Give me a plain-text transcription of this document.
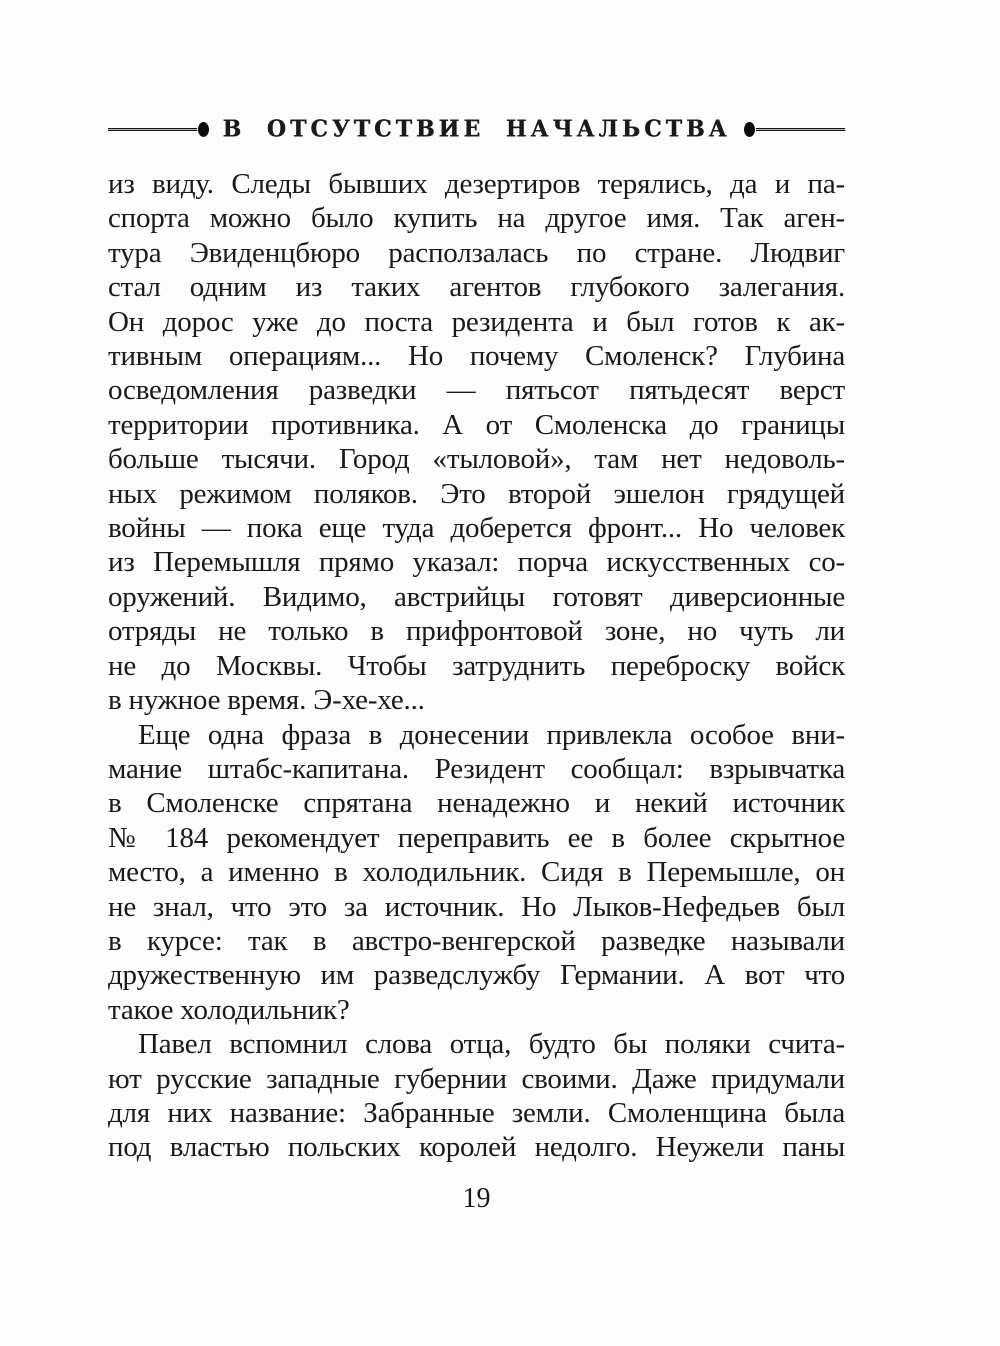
В ОТСУТСТВИЕ НАЧАЛЬСТВА
из виду. Следы бывших дезертиров терялись, да и па-
спорта можно было купить на другое имя. Так аген-
тура Эвиденцбюро расползалась по стране. Людвиг
стал одним из таких агентов глубокого залегания.
Он дорос уже до поста резидента и был готов к ак-
тивным операциям... Но почему Смоленск? Глубина
осведомления разведки — пятьсот пятьдесят верст
территории противника. А от Смоленска до границы
больше тысячи. Город «тыловой», там нет недоволь-
ных режимом поляков. Это второй эшелон грядущей
войны — пока еще туда доберется фронт... Но человек
из Перемышля прямо указал: порча искусственных со-
оружений. Видимо, австрийцы готовят диверсионные
отряды не только в прифронтовой зоне, но чуть ли
не до Москвы. Чтобы затруднить переброску войск
в нужное время. Э-хе-хе...
Еще одна фраза в донесении привлекла особое вни-
мание штабс-капитана. Резидент сообщал: взрывчатка
в Смоленске спрятана ненадежно и некий источник
№ 184 рекомендует переправить ее в более скрытное
место, а именно в холодильник. Сидя в Перемышле, он
не знал, что это за источник. Но Лыков-Нефедьев был
в курсе: так в австро-венгерской разведке называли
дружественную им разведслужбу Германии. А вот что
такое холодильник?
Павел вспомнил слова отца, будто бы поляки счита-
ют русские западные губернии своими. Даже придумали
для них название: Забранные земли. Смоленщина была
под властью польских королей недолго. Неужели паны
19
